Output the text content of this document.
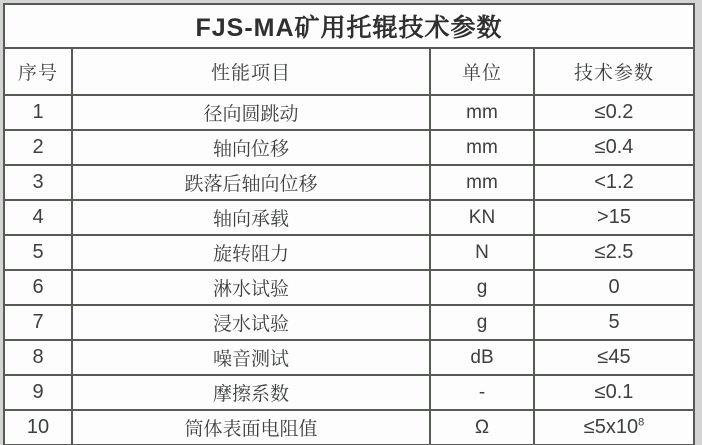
FJS-MA矿用托辊技术参数			
序号	性能项目	单位	技术参数
1	径向圆跳动	mm	≤0.2
2	轴向位移	mm	≤0.4
3	跌落后轴向位移	mm	<1.2
4	轴向承载	KN	>15
5	旋转阻力	N	≤2.5
6	淋水试验	g	0
7	浸水试验	g	5
8	噪音测试	dB	≤45
9	摩擦系数	-	≤0.1
10	筒体表面电阻值	Ω	$\le 5x10^8$
